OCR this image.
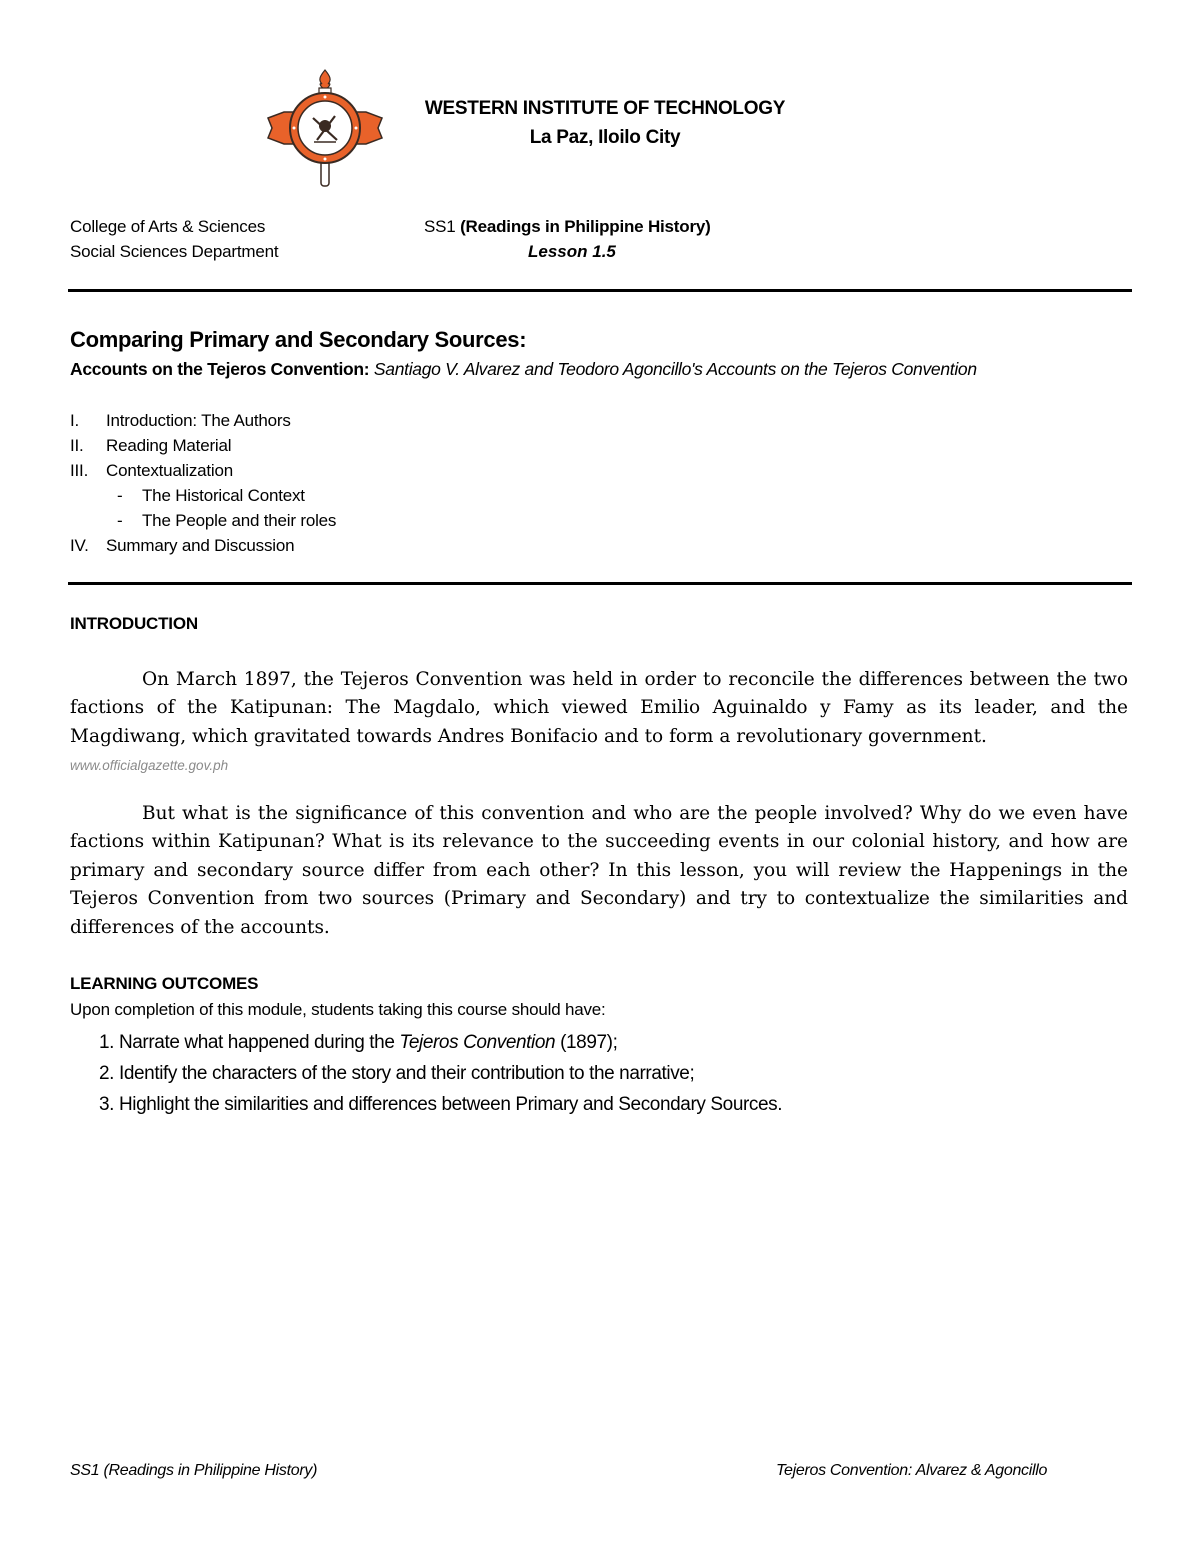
WESTERN INSTITUTE OF TECHNOLOGY
La Paz, Iloilo City
College of Arts & Sciences
Social Sciences Department
SS1 (Readings in Philippine History)
Lesson 1.5
Comparing Primary and Secondary Sources:
Accounts on the Tejeros Convention: Santiago V. Alvarez and Teodoro Agoncillo's Accounts on the Tejeros Convention
I. Introduction: The Authors
II. Reading Material
III. Contextualization
- The Historical Context
- The People and their roles
IV. Summary and Discussion
INTRODUCTION
On March 1897, the Tejeros Convention was held in order to reconcile the differences between the two factions of the Katipunan: The Magdalo, which viewed Emilio Aguinaldo y Famy as its leader, and the Magdiwang, which gravitated towards Andres Bonifacio and to form a revolutionary government.
www.officialgazette.gov.ph
But what is the significance of this convention and who are the people involved? Why do we even have factions within Katipunan? What is its relevance to the succeeding events in our colonial history, and how are primary and secondary source differ from each other? In this lesson, you will review the Happenings in the Tejeros Convention from two sources (Primary and Secondary) and try to contextualize the similarities and differences of the accounts.
LEARNING OUTCOMES
Upon completion of this module, students taking this course should have:
1. Narrate what happened during the Tejeros Convention (1897);
2. Identify the characters of the story and their contribution to the narrative;
3. Highlight the similarities and differences between Primary and Secondary Sources.
SS1 (Readings in Philippine History)	Tejeros Convention: Alvarez & Agoncillo
